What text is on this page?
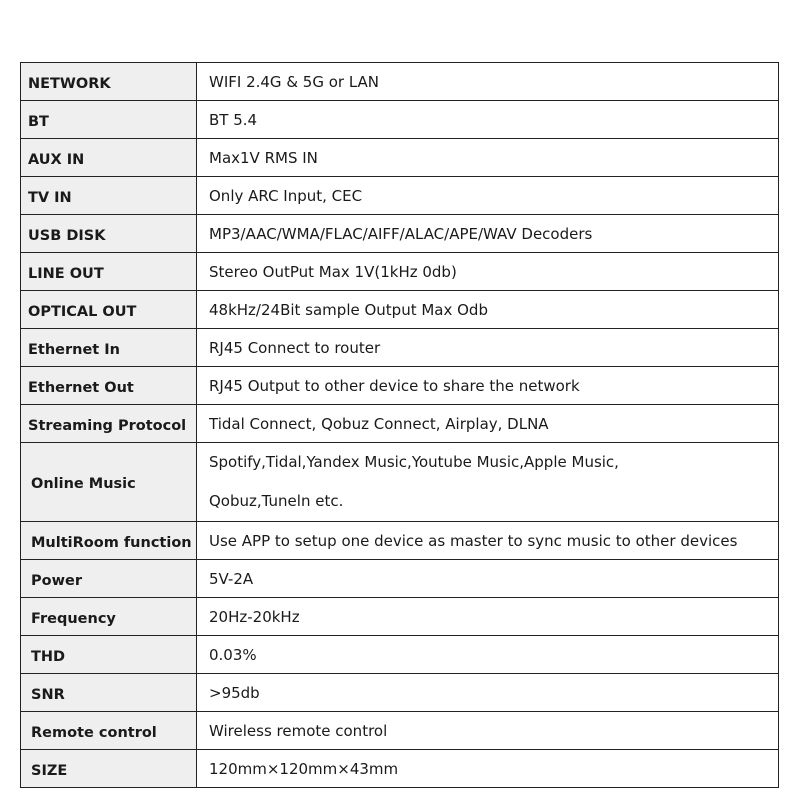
NETWORK	WIFI 2.4G & 5G or LAN
BT	BT 5.4
AUX IN	Max1V RMS IN
TV IN	Only ARC Input, CEC
USB DISK	MP3/AAC/WMA/FLAC/AIFF/ALAC/APE/WAV Decoders
LINE OUT	Stereo OutPut Max 1V(1kHz 0db)
OPTICAL OUT	48kHz/24Bit sample Output Max Odb
Ethernet In	RJ45 Connect to router
Ethernet Out	RJ45 Output to other device to share the network
Streaming Protocol	Tidal Connect, Qobuz Connect, Airplay, DLNA
Online Music	Spotify,Tidal,Yandex Music,Youtube Music,Apple Music,
Qobuz,Tuneln etc.

MultiRoom function	Use APP to setup one device as master to sync music to other devices
Power	5V-2A
Frequency	20Hz-20kHz
THD	0.03%
SNR	>95db
Remote control	Wireless remote control
SIZE	120mm×120mm×43mm
